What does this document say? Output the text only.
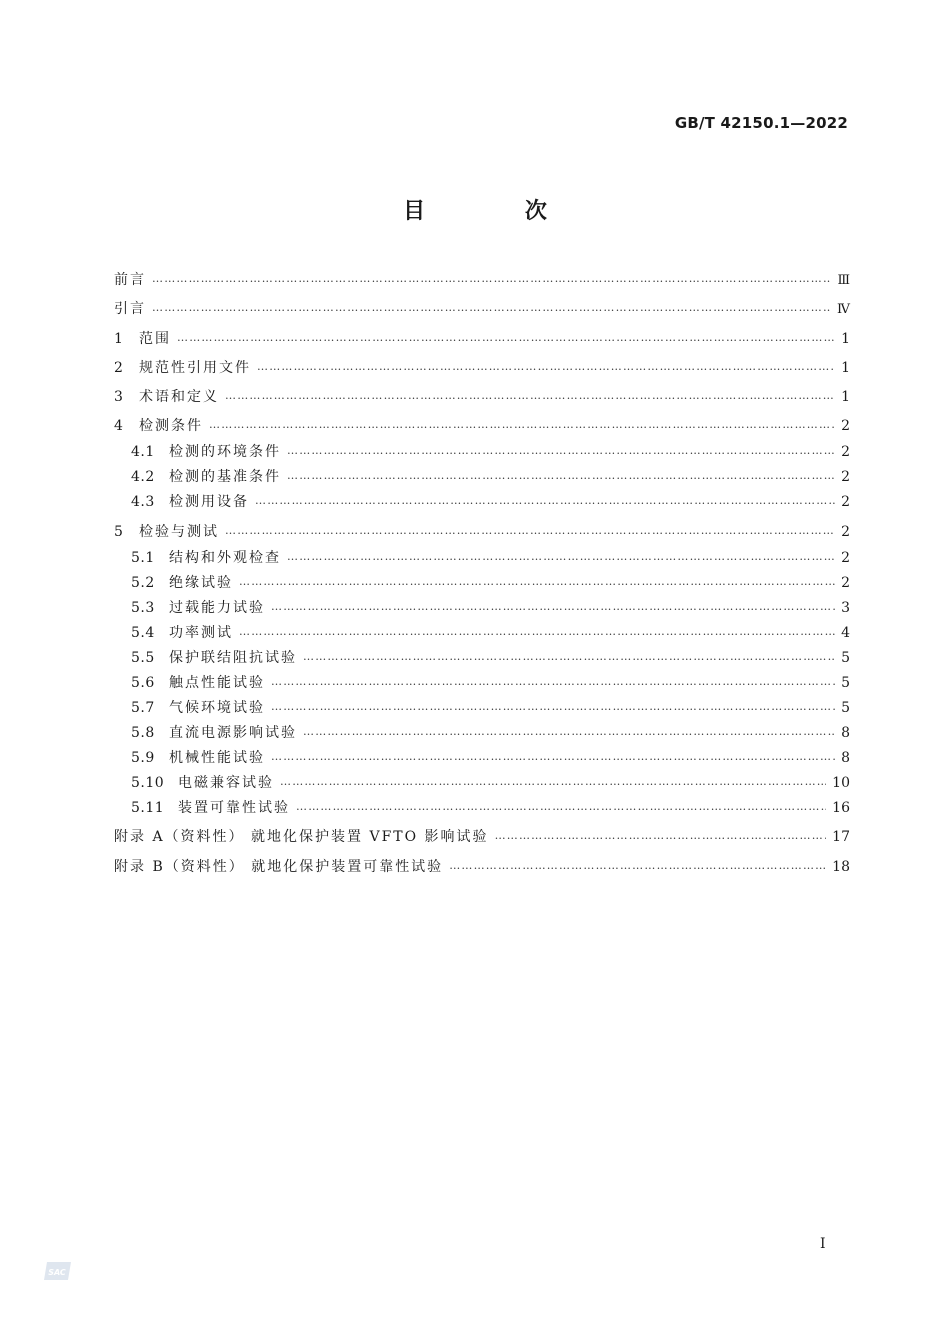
GB/T 42150.1—2022
目 次
前言 ……………………………………………………………………………………………………………………………………………………………………………………………………	Ⅲ
引言 ……………………………………………………………………………………………………………………………………………………………………………………………………	Ⅳ
1	范围 ……………………………………………………………………………………………………………………………………………………………………………………………………	1
2	规范性引用文件 ……………………………………………………………………………………………………………………………………………………………………………………………………	1
3	术语和定义 ……………………………………………………………………………………………………………………………………………………………………………………………………	1
4	检测条件 ……………………………………………………………………………………………………………………………………………………………………………………………………	2
4.1	检测的环境条件 ……………………………………………………………………………………………………………………………………………………………………………………………………	2
4.2	检测的基准条件 ……………………………………………………………………………………………………………………………………………………………………………………………………	2
4.3	检测用设备 ……………………………………………………………………………………………………………………………………………………………………………………………………	2
5	检验与测试 ……………………………………………………………………………………………………………………………………………………………………………………………………	2
5.1	结构和外观检查 ……………………………………………………………………………………………………………………………………………………………………………………………………	2
5.2	绝缘试验 ……………………………………………………………………………………………………………………………………………………………………………………………………	2
5.3	过载能力试验 ……………………………………………………………………………………………………………………………………………………………………………………………………	3
5.4	功率测试 ……………………………………………………………………………………………………………………………………………………………………………………………………	4
5.5	保护联结阻抗试验 ……………………………………………………………………………………………………………………………………………………………………………………………………	5
5.6	触点性能试验 ……………………………………………………………………………………………………………………………………………………………………………………………………	5
5.7	气候环境试验 ……………………………………………………………………………………………………………………………………………………………………………………………………	5
5.8	直流电源影响试验 ……………………………………………………………………………………………………………………………………………………………………………………………………	8
5.9	机械性能试验 ……………………………………………………………………………………………………………………………………………………………………………………………………	8
5.10 电磁兼容试验 ……………………………………………………………………………………………………………………………………………………………………………………………………	10
5.11 装置可靠性试验 ……………………………………………………………………………………………………………………………………………………………………………………………………	16
附录 A（资料性） 就地化保护装置 VFTO 影响试验 ……………………………………………………………………………………………………………………………………………………………………………………………………	17
附录 B（资料性） 就地化保护装置可靠性试验 ……………………………………………………………………………………………………………………………………………………………………………………………………	18
I
SAC
